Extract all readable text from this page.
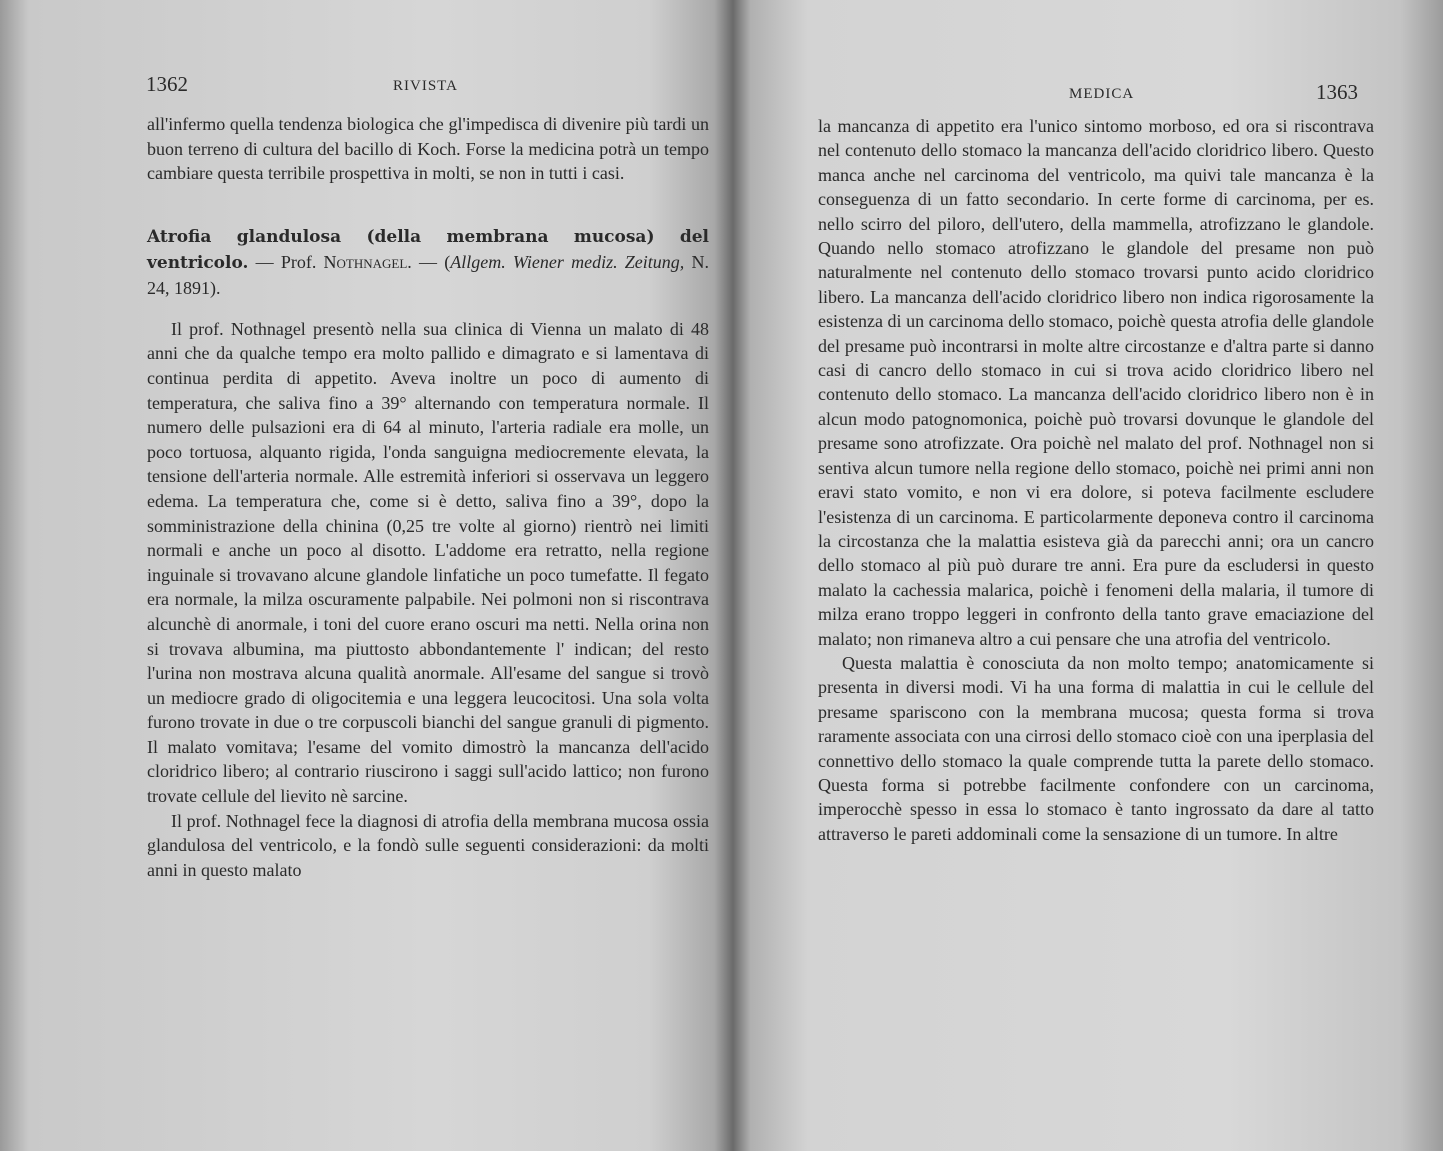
1362	RIVISTA

all'infermo quella tendenza biologica che gl'impedisca di divenire più tardi un buon terreno di cultura del bacillo di Koch. Forse la medicina potrà un tempo cambiare questa terribile prospettiva in molti, se non in tutti i casi.

Atrofia glandulosa (della membrana mucosa) del ventricolo. — Prof. Nothnagel. — (Allgem. Wiener mediz. Zeitung, N. 24, 1891).

Il prof. Nothnagel presentò nella sua clinica di Vienna un malato di 48 anni che da qualche tempo era molto pallido e dimagrato e si lamentava di continua perdita di appetito. Aveva inoltre un poco di aumento di temperatura, che saliva fino a 39° alternando con temperatura normale. Il numero delle pulsazioni era di 64 al minuto, l'arteria radiale era molle, un poco tortuosa, alquanto rigida, l'onda sanguigna mediocremente elevata, la tensione dell'arteria normale. Alle estremità inferiori si osservava un leggero edema. La temperatura che, come si è detto, saliva fino a 39°, dopo la somministrazione della chinina (0,25 tre volte al giorno) rientrò nei limiti normali e anche un poco al disotto. L'addome era retratto, nella regione inguinale si trovavano alcune glandole linfatiche un poco tumefatte. Il fegato era normale, la milza oscuramente palpabile. Nei polmoni non si riscontrava alcunchè di anormale, i toni del cuore erano oscuri ma netti. Nella orina non si trovava albumina, ma piuttosto abbondantemente l' indican; del resto l'urina non mostrava alcuna qualità anormale. All'esame del sangue si trovò un mediocre grado di oligocitemia e una leggera leucocitosi. Una sola volta furono trovate in due o tre corpuscoli bianchi del sangue granuli di pigmento. Il malato vomitava; l'esame del vomito dimostrò la mancanza dell'acido cloridrico libero; al contrario riuscirono i saggi sull'acido lattico; non furono trovate cellule del lievito nè sarcine.

Il prof. Nothnagel fece la diagnosi di atrofia della membrana mucosa ossia glandulosa del ventricolo, e la fondò sulle seguenti considerazioni: da molti anni in questo malato

MEDICA	1363

la mancanza di appetito era l'unico sintomo morboso, ed ora si riscontrava nel contenuto dello stomaco la mancanza dell'acido cloridrico libero. Questo manca anche nel carcinoma del ventricolo, ma quivi tale mancanza è la conseguenza di un fatto secondario. In certe forme di carcinoma, per es. nello scirro del piloro, dell'utero, della mammella, atrofizzano le glandole. Quando nello stomaco atrofizzano le glandole del presame non può naturalmente nel contenuto dello stomaco trovarsi punto acido cloridrico libero. La mancanza dell'acido cloridrico libero non indica rigorosamente la esistenza di un carcinoma dello stomaco, poichè questa atrofia delle glandole del presame può incontrarsi in molte altre circostanze e d'altra parte si danno casi di cancro dello stomaco in cui si trova acido cloridrico libero nel contenuto dello stomaco. La mancanza dell'acido cloridrico libero non è in alcun modo patognomonica, poichè può trovarsi dovunque le glandole del presame sono atrofizzate. Ora poichè nel malato del prof. Nothnagel non si sentiva alcun tumore nella regione dello stomaco, poichè nei primi anni non eravi stato vomito, e non vi era dolore, si poteva facilmente escludere l'esistenza di un carcinoma. E particolarmente deponeva contro il carcinoma la circostanza che la malattia esisteva già da parecchi anni; ora un cancro dello stomaco al più può durare tre anni. Era pure da escludersi in questo malato la cachessia malarica, poichè i fenomeni della malaria, il tumore di milza erano troppo leggeri in confronto della tanto grave emaciazione del malato; non rimaneva altro a cui pensare che una atrofia del ventricolo.

Questa malattia è conosciuta da non molto tempo; anatomicamente si presenta in diversi modi. Vi ha una forma di malattia in cui le cellule del presame spariscono con la membrana mucosa; questa forma si trova raramente associata con una cirrosi dello stomaco cioè con una iperplasia del connettivo dello stomaco la quale comprende tutta la parete dello stomaco. Questa forma si potrebbe facilmente confondere con un carcinoma, imperocchè spesso in essa lo stomaco è tanto ingrossato da dare al tatto attraverso le pareti addominali come la sensazione di un tumore. In altre
